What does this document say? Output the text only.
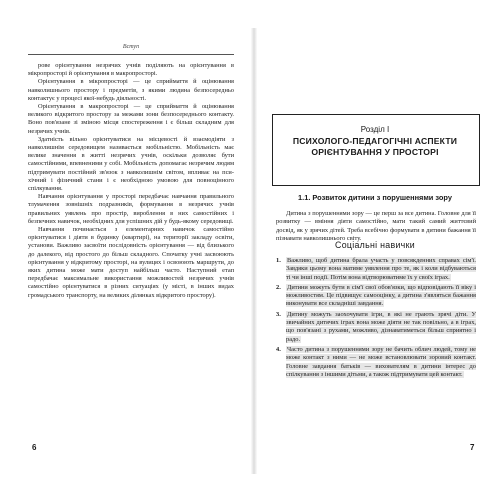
Вступ

рове орієнтування незрячих учнів поділяють на орієнтування в мікропросторі й орієнтування в макропросторі.

Орієнтування в мікропросторі — це сприймаття й оцінювання навколишнього простору і предметів, з якими людина безпосередньо контактує у процесі якої-небудь діяльності.

Орієнтування в макропросторі — це сприймаття й оцінювання великого відкритого простору за межами зони безпосереднього контакту. Воно пов'язане зі зміною місця спостереження і є більш складним для незрячих учнів.

Здатність вільно орієнтуватися на місцевості й взаємодіяти з навколишнім середовищем називається мобільністю. Мобільність має велике значення в житті незрячих учнів, оскільки дозволяє бути самостійними, впевненими у собі. Мобільність допомагає незрячим людям підтримувати постійний зв'язок з навколишнім світом, впливає на психічний і фізичний стани і є необхідною умовою для повноцінного спілкування.

Навчання орієнтування у просторі передбачає навчання правильного тлумачення зовнішніх подразників, формування в незрячих учнів правильних уявлень про простір, вироблення в них самостійних і безпечних навичок, необхідних для успішних дій у будь-якому середовищі.

Навчання починається з елементарних навичок самостійно орієнтуватися і діяти в будинку (квартирі), на території закладу освіти, установи. Важливо засвоїти послідовність орієнтування — від близького до далекого, від простого до більш складного. Спочатку учні засвоюють орієнтування у відкритому просторі, на вулицях і освоюють маршрути, до яких дитина може мати доступ найбільш часто. Наступний етап передбачає максимальне використання можливостей незрячих учнів самостійно орієнтуватися в різних ситуаціях (у місті, в інших видах громадського транспорту, на великих ділянках відкритого простору).

6
Розділ І
ПСИХОЛОГО-ПЕДАГОГІЧНІ АСПЕКТИ
ОРІЄНТУВАННЯ У ПРОСТОРІ
1.1. Розвиток дитини з порушеннями зору

Дитина з порушеннями зору — це перш за все дитина. Головне для її розвитку — вміння діяти самостійно, мати такий самий життєвий досвід, як у зрячих дітей. Треба всебічно формувати в дитини бажання її пізнавати навколишнього світу.

Соціальні навички
1. Важливо, щоб дитина брала участь у повсякденних справах сім'ї. Завдяки цьому вона матиме уявлення про те, як і коли відбуваються ті чи інші події. Потім вона відтворюватиме їх у своїх іграх.
2. Дитини можуть бути в сім'ї свої обов'язки, що відповідають її віку і можливостям. Це підвищує самооцінку, а дитина з'являться бажання виконувати все складніші завдання.
3. Дитину можуть заохочувати ігри, в які не грають зрячі діти. У звичайних дитячих іграх вона може діяти не так повільно, а в іграх, що пов'язані з рухами, можливо, дізнаватиметься більш сприятно і радо.
4. Часто дитина з порушеннями зору не бачить облич людей, тому не може контакт з ними — не може встановлювати зоровий контакт. Головне завдання батьків — вихователям в дитини інтерес до спілкування з іншими дітьми, а також підтримувати цей контакт.
7
